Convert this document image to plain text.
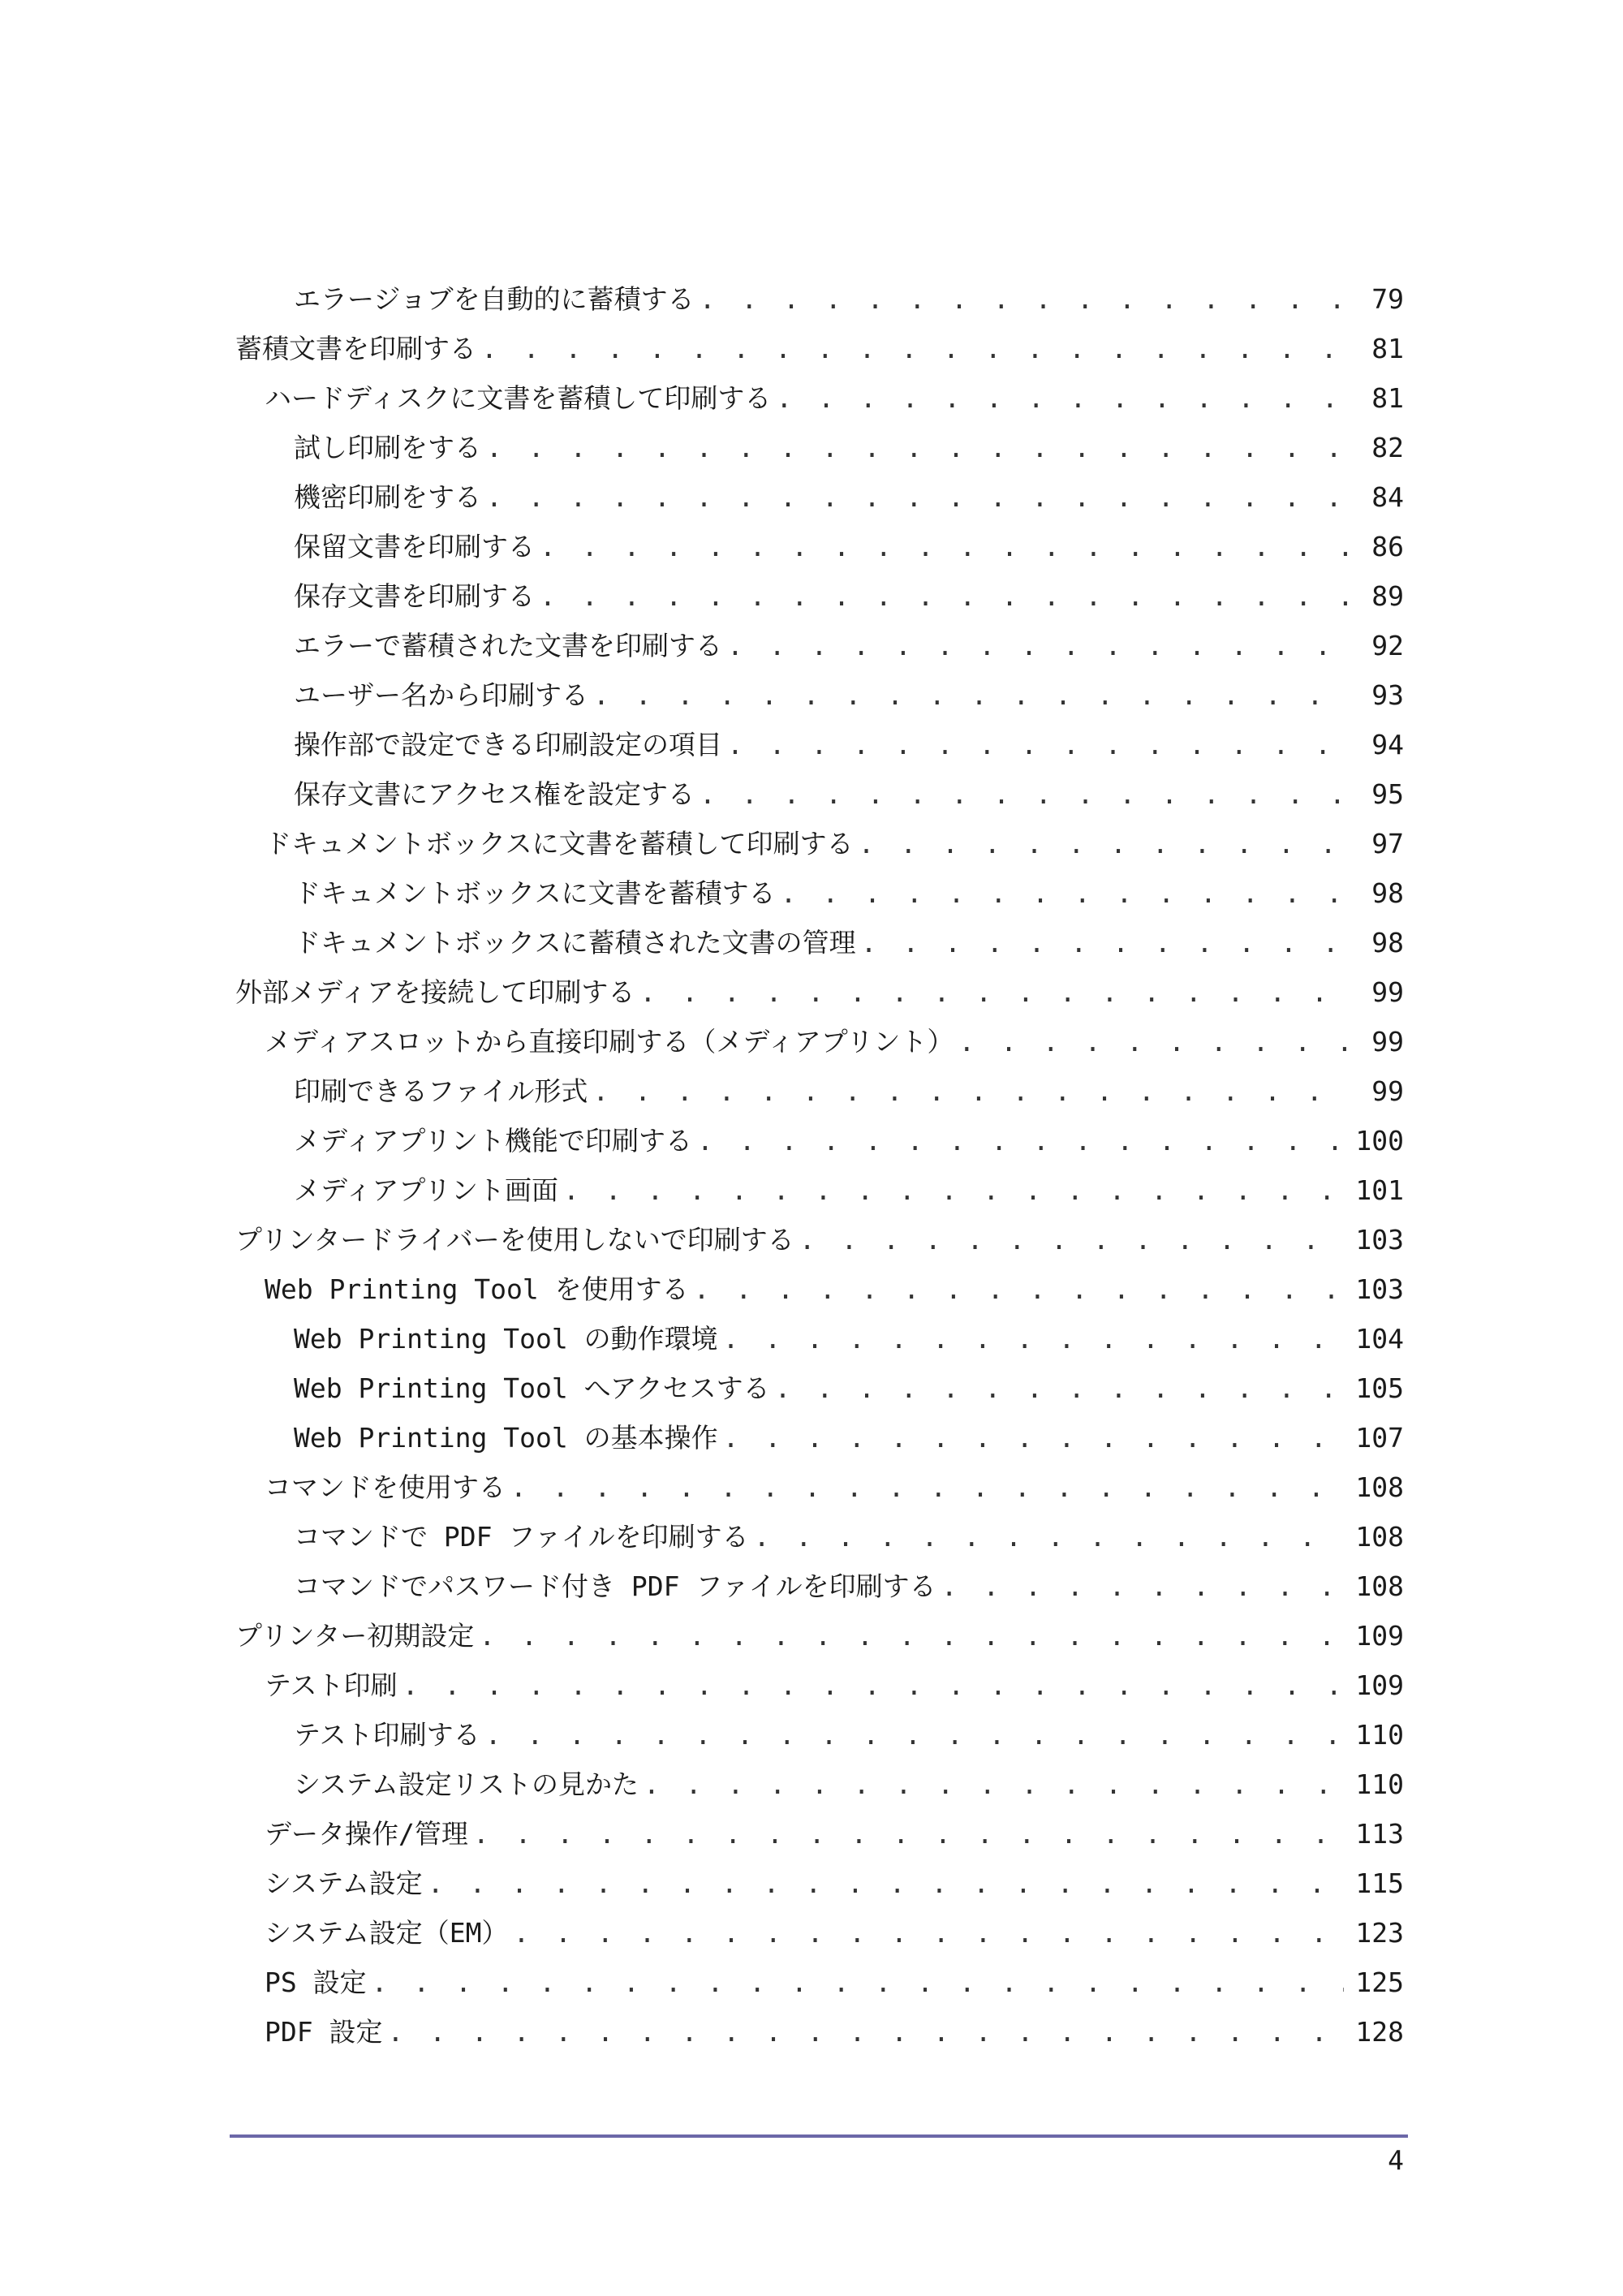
エラージョブを自動的に蓄積する . . .	79
蓄積文書を印刷する . . .	81
ハードディスクに文書を蓄積して印刷する . . .	81
試し印刷をする . . .	82
機密印刷をする . . .	84
保留文書を印刷する . . .	86
保存文書を印刷する . . .	89
エラーで蓄積された文書を印刷する . . .	92
ユーザー名から印刷する . . .	93
操作部で設定できる印刷設定の項目 . . .	94
保存文書にアクセス権を設定する . . .	95
ドキュメントボックスに文書を蓄積して印刷する . . .	97
ドキュメントボックスに文書を蓄積する . . .	98
ドキュメントボックスに蓄積された文書の管理 . . .	98
外部メディアを接続して印刷する . . .	99
メディアスロットから直接印刷する（メディアプリント） . . .	99
印刷できるファイル形式 . . .	99
メディアプリント機能で印刷する . . .	100
メディアプリント画面 . . .	101
プリンタードライバーを使用しないで印刷する . . .	103
Web Printing Tool を使用する . . .	103
Web Printing Tool の動作環境 . . .	104
Web Printing Tool へアクセスする . . .	105
Web Printing Tool の基本操作 . . .	107
コマンドを使用する . . .	108
コマンドで PDF ファイルを印刷する . . .	108
コマンドでパスワード付き PDF ファイルを印刷する . . .	108
プリンター初期設定 . . .	109
テスト印刷 . . .	109
テスト印刷する . . .	110
システム設定リストの見かた . . .	110
データ操作/管理 . . .	113
システム設定 . . .	115
システム設定（EM） . . .	123
PS 設定 . . .	125
PDF 設定 . . .	128
4
